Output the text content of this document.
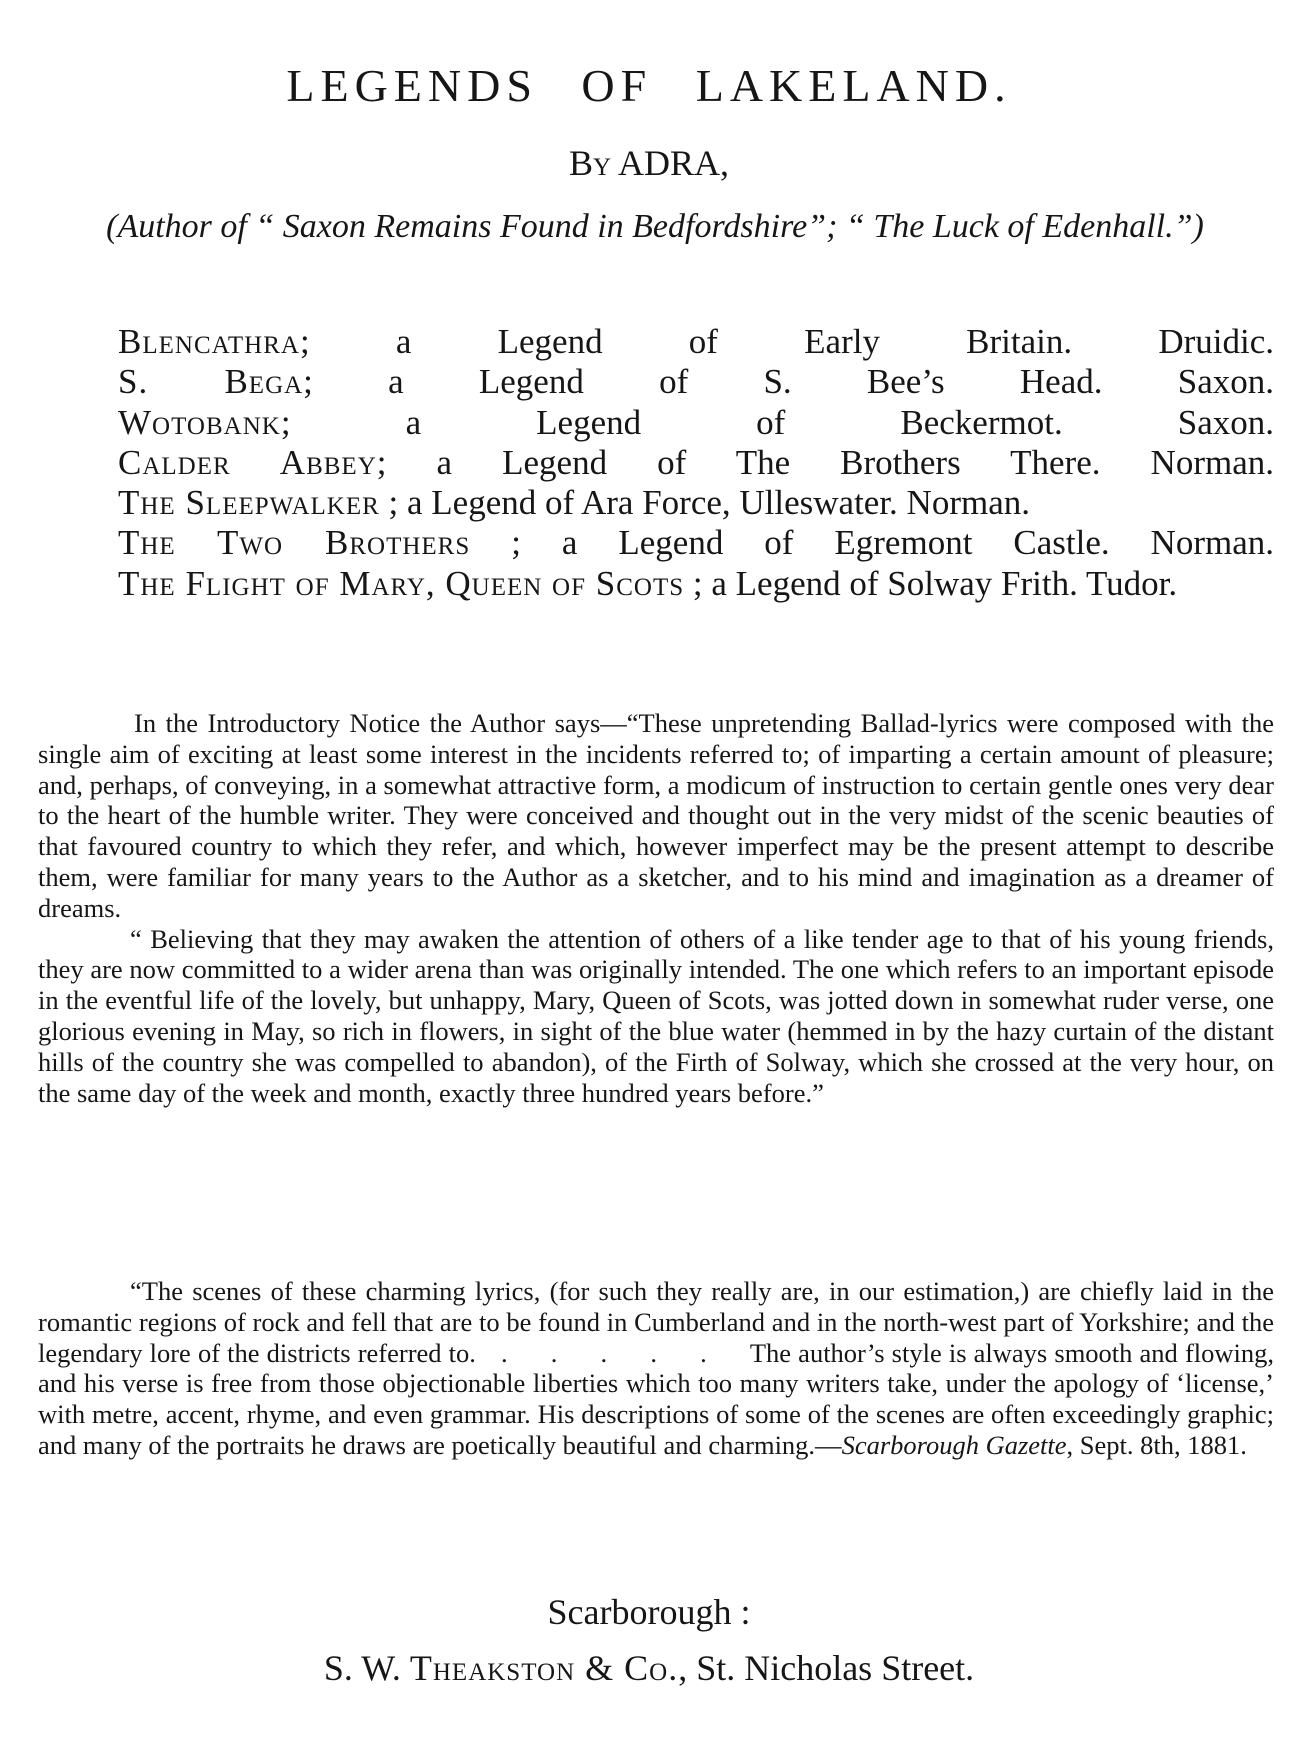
LEGENDS OF LAKELAND.
By ADRA,
(Author of “ Saxon Remains Found in Bedfordshire”; “ The Luck of Edenhall.”)
Blencathra; a Legend of Early Britain. Druidic.
S. Bega; a Legend of S. Bee’s Head. Saxon.
Wotobank; a Legend of Beckermot. Saxon.
Calder Abbey; a Legend of The Brothers There. Norman.
The Sleepwalker ; a Legend of Ara Force, Ulleswater. Norman.
The Two Brothers ; a Legend of Egremont Castle. Norman.
The Flight of Mary, Queen of Scots ; a Legend of Solway Frith. Tudor.

In the Introductory Notice the Author says—“These unpretending Ballad-lyrics were composed with the single aim of exciting at least some interest in the incidents referred to; of imparting a certain amount of pleasure; and, perhaps, of conveying, in a somewhat attractive form, a modicum of instruction to certain gentle ones very dear to the heart of the humble writer. They were conceived and thought out in the very midst of the scenic beauties of that favoured country to which they refer, and which, however imperfect may be the present attempt to describe them, were familiar for many years to the Author as a sketcher, and to his mind and imagination as a dreamer of dreams.

“ Believing that they may awaken the attention of others of a like tender age to that of his young friends, they are now committed to a wider arena than was originally intended. The one which refers to an important episode in the eventful life of the lovely, but unhappy, Mary, Queen of Scots, was jotted down in somewhat ruder verse, one glorious evening in May, so rich in flowers, in sight of the blue water (hemmed in by the hazy curtain of the distant hills of the country she was compelled to abandon), of the Firth of Solway, which she crossed at the very hour, on the same day of the week and month, exactly three hundred years before.”

“The scenes of these charming lyrics, (for such they really are, in our estimation,) are chiefly laid in the romantic regions of rock and fell that are to be found in Cumberland and in the north-west part of Yorkshire; and the legendary lore of the districts referred to. . . . . . The author’s style is always smooth and flowing, and his verse is free from those objectionable liberties which too many writers take, under the apology of ‘license,’ with metre, accent, rhyme, and even grammar. His descriptions of some of the scenes are often exceedingly graphic; and many of the portraits he draws are poetically beautiful and charming.—Scarborough Gazette, Sept. 8th, 1881.

Scarborough :
S. W. Theakston & Co., St. Nicholas Street.
